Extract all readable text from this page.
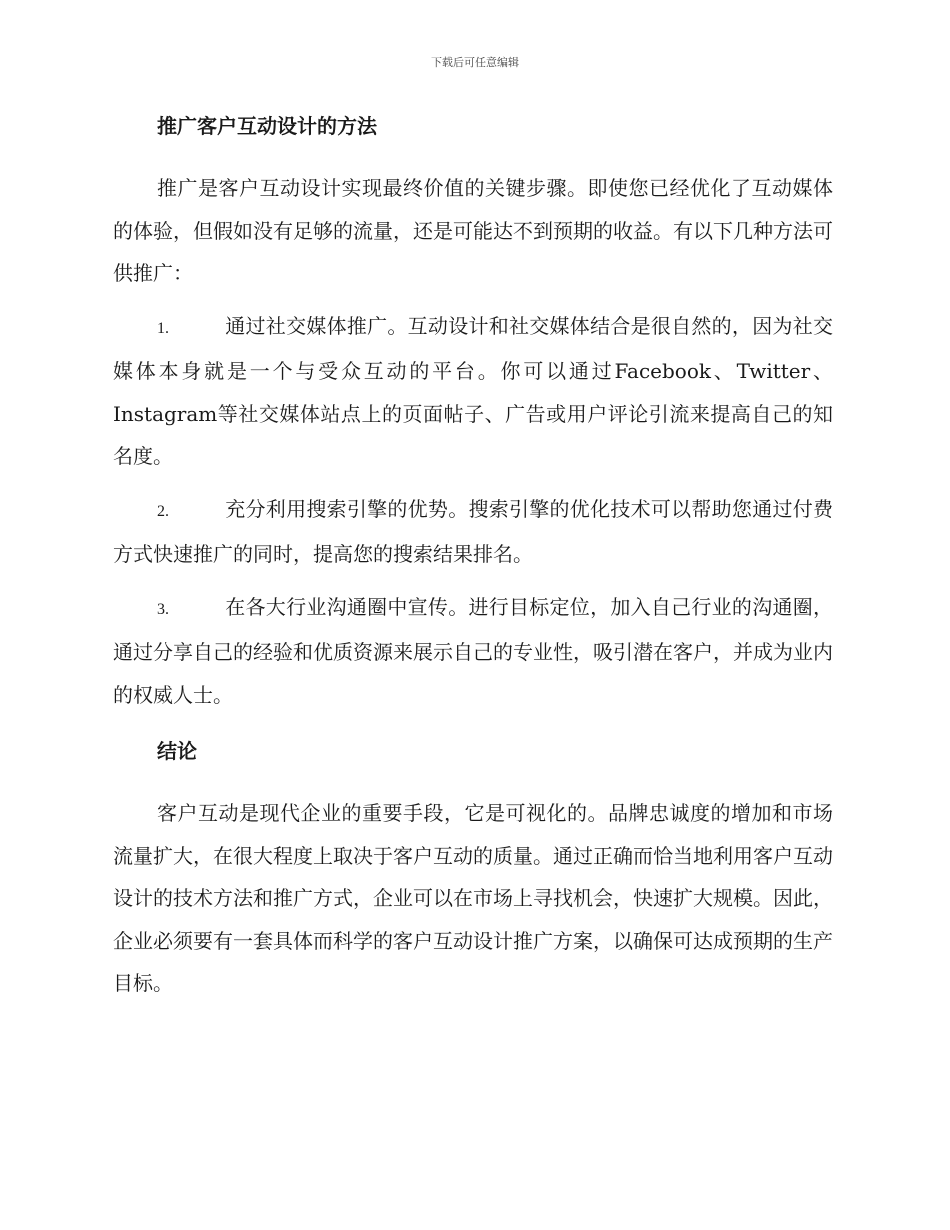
下载后可任意编辑
推广客户互动设计的方法

推广是客户互动设计实现最终价值的关键步骤。即使您已经优化了互动媒体的体验，但假如没有足够的流量，还是可能达不到预期的收益。有以下几种方法可供推广：

1.	通过社交媒体推广。互动设计和社交媒体结合是很自然的，因为社交媒体本身就是一个与受众互动的平台。你可以通过Facebook、Twitter、Instagram等社交媒体站点上的页面帖子、广告或用户评论引流来提高自己的知名度。

2.	充分利用搜索引擎的优势。搜索引擎的优化技术可以帮助您通过付费方式快速推广的同时，提高您的搜索结果排名。

3.	在各大行业沟通圈中宣传。进行目标定位，加入自己行业的沟通圈，通过分享自己的经验和优质资源来展示自己的专业性，吸引潜在客户，并成为业内的权威人士。

结论

客户互动是现代企业的重要手段，它是可视化的。品牌忠诚度的增加和市场流量扩大，在很大程度上取决于客户互动的质量。通过正确而恰当地利用客户互动设计的技术方法和推广方式，企业可以在市场上寻找机会，快速扩大规模。因此，企业必须要有一套具体而科学的客户互动设计推广方案，以确保可达成预期的生产目标。
